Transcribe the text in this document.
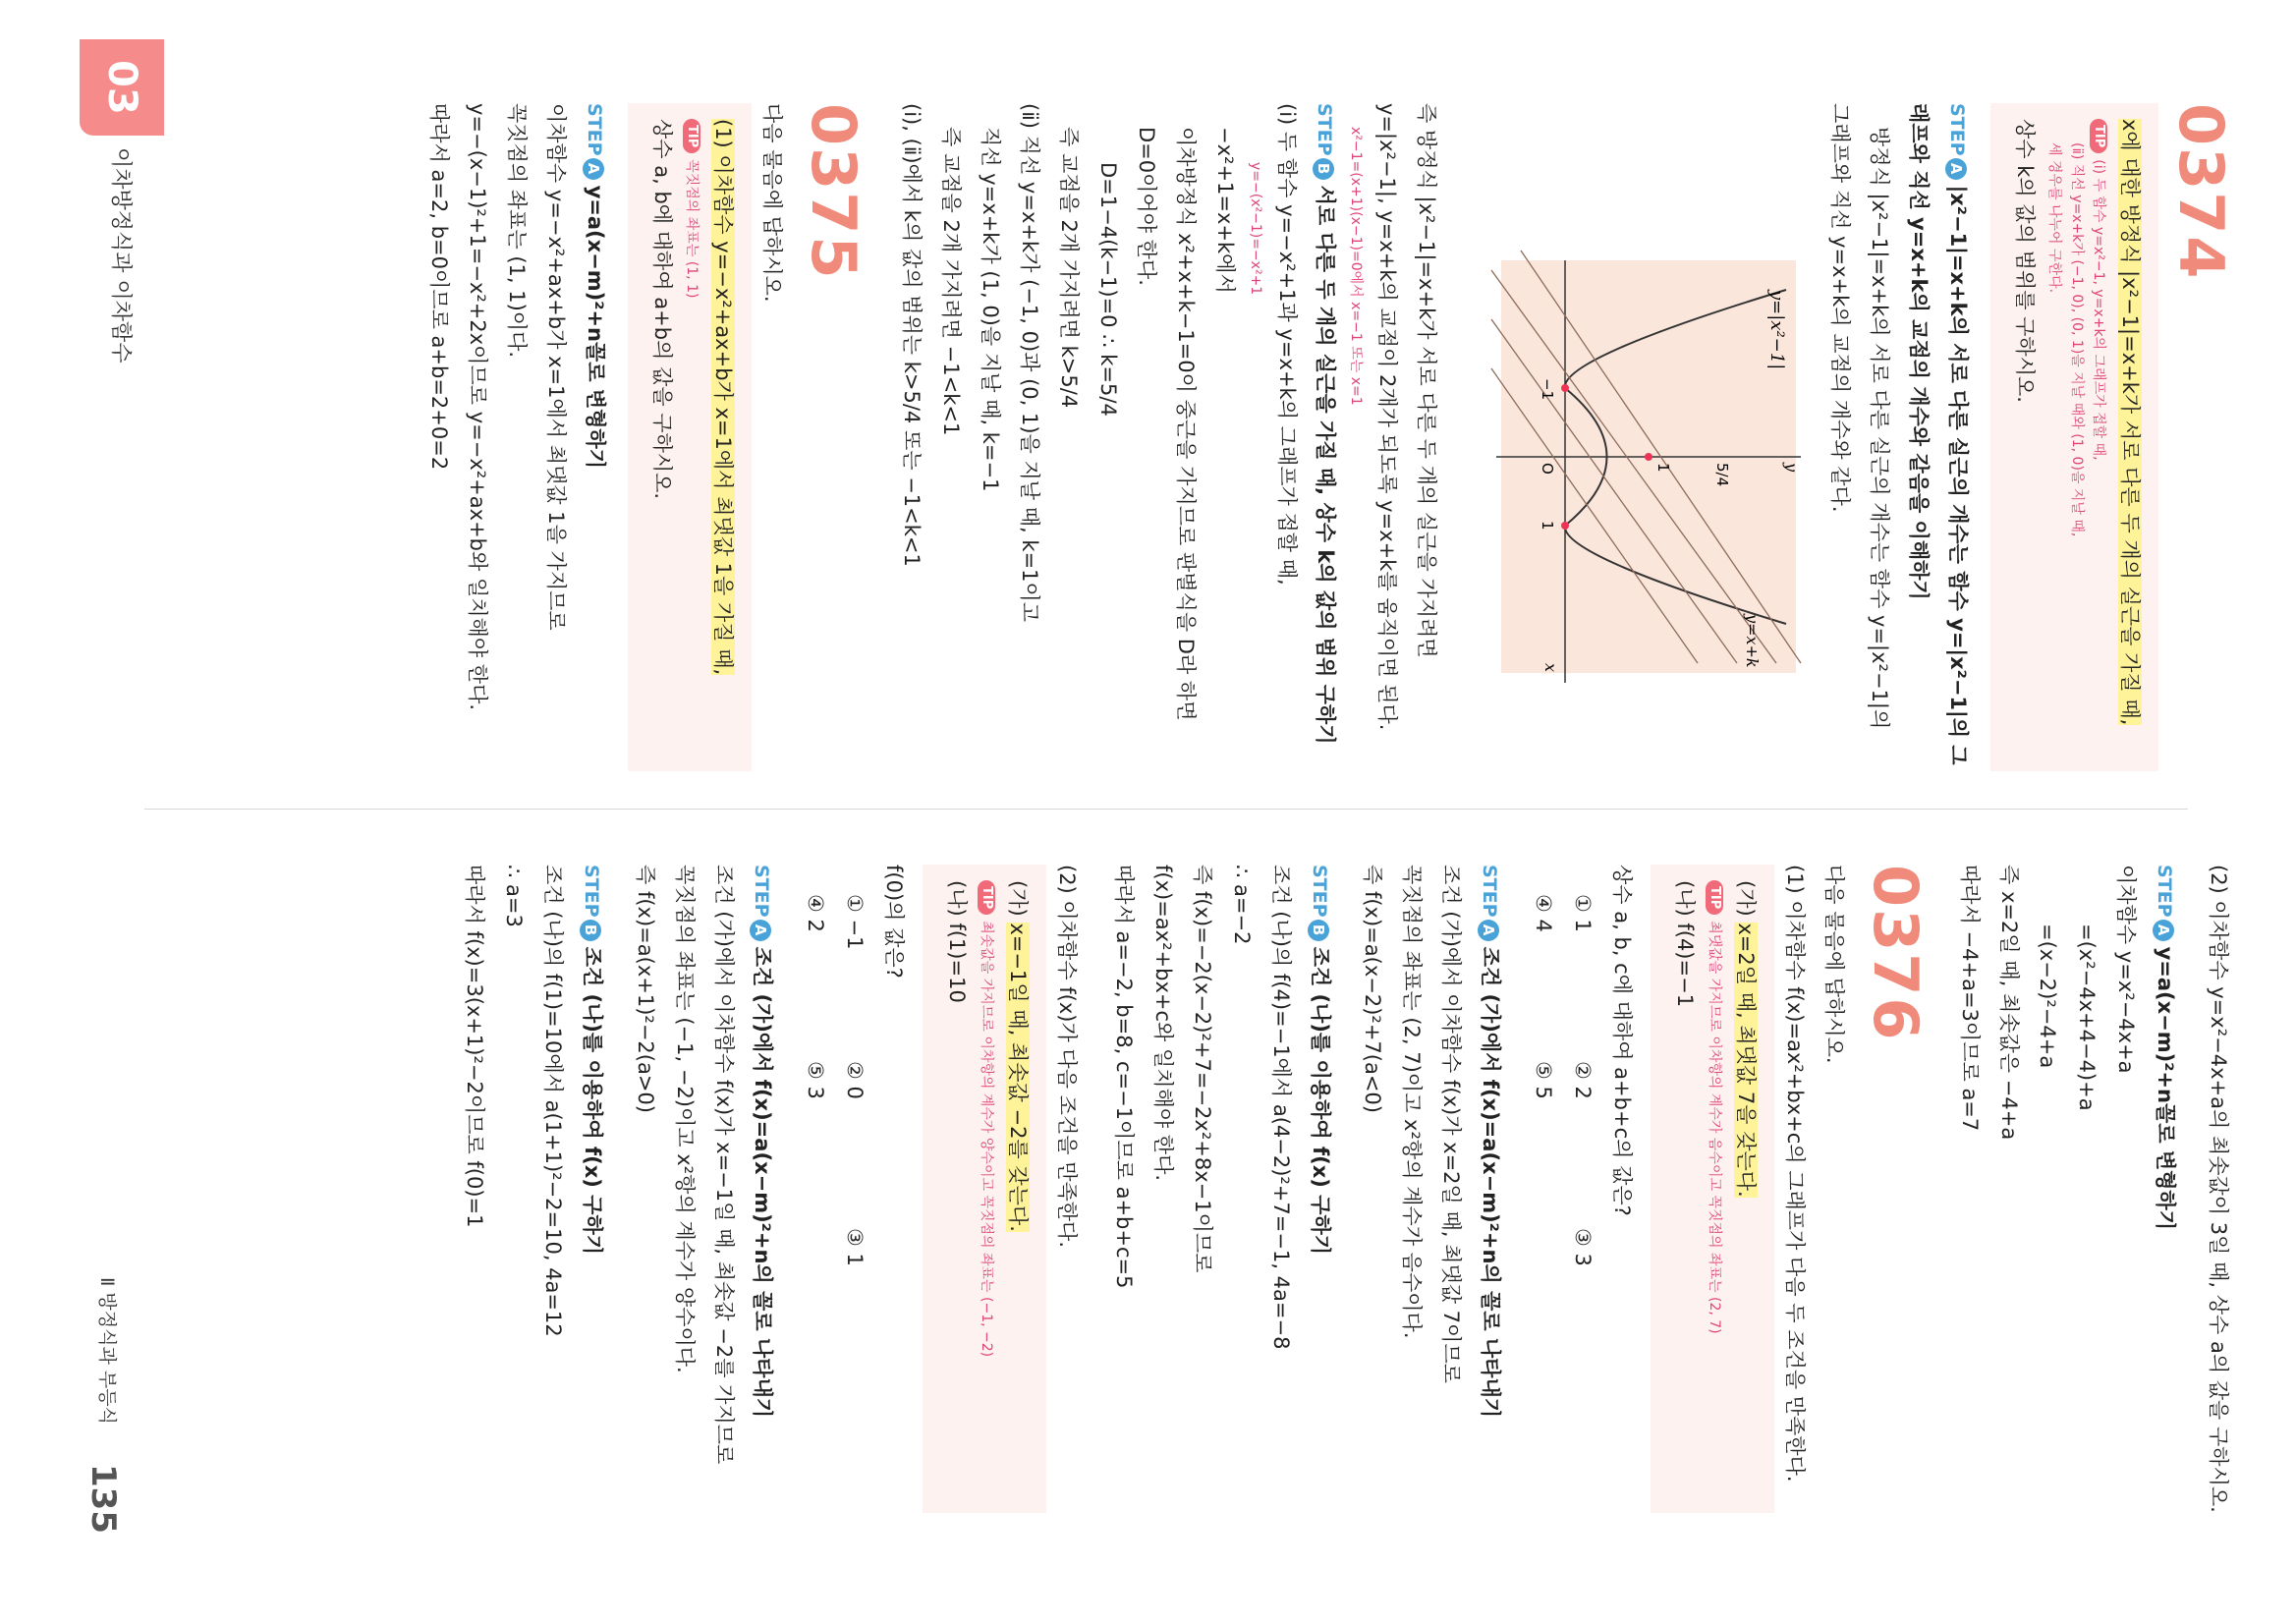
0374
x에 대한 방정식 |x²−1|=x+k가 서로 다른 두 개의 실근을 가질 때,
TIP(ⅰ) 두 함수 y=x²−1, y=x+k의 그래프가 접할 때,
(ⅱ) 직선 y=x+k가 (−1, 0), (0, 1)을 지날 때와 (1, 0)을 지날 때,
세 경우를 나누어 구한다.
상수 k의 값의 범위를 구하시오.
STEPA|x²−1|=x+k의 서로 다른 실근의 개수는 함수 y=|x²−1|의 그래프와 직선 y=x+k의 교점의 개수와 같음을 이해하기
방정식 |x²−1|=x+k의 서로 다른 실근의 개수는 함수 y=|x²−1|의
그래프와 직선 y=x+k의 교점의 개수와 같다.
y=|x²−1|
y=x+k
x
y
−1
1
O	1	5/4
즉 방정식 |x²−1|=x+k가 서로 다른 두 개의 실근을 가지려면
y=|x²−1|, y=x+k의 교점이 2개가 되도록 y=x+k를 움직이면 된다.
x²−1=(x+1)(x−1)=0에서 x=−1 또는 x=1
STEPB서로 다른 두 개의 실근을 가질 때, 상수 k의 값의 범위 구하기
(ⅰ) 두 함수 y=−x²+1과 y=x+k의 그래프가 접할 때,
y=−(x²−1)=−x²+1
−x²+1=x+k에서
이차방정식 x²+x+k−1=0이 중근을 가지므로 판별식을 D라 하면
D=0이어야 한다.
D=1−4(k−1)=0 ∴ k=5/4
즉 교점을 2개 가지려면 k>5/4
(ⅱ) 직선 y=x+k가 (−1, 0)과 (0, 1)을 지날 때, k=1이고
직선 y=x+k가 (1, 0)을 지날 때, k=−1
즉 교점을 2개 가지려면 −1<k<1
(ⅰ), (ⅱ)에서 k의 값의 범위는 k>5/4 또는 −1<k<1
0375
다음 물음에 답하시오.
(1) 이차함수 y=−x²+ax+b가 x=1에서 최댓값 1을 가질 때,
TIP꼭짓점의 좌표는 (1, 1)
상수 a, b에 대하여 a+b의 값을 구하시오.
STEPAy=a(x−m)²+n꼴로 변형하기
이차함수 y=−x²+ax+b가 x=1에서 최댓값 1을 가지므로
꼭짓점의 좌표는 (1, 1)이다.
y=−(x−1)²+1=−x²+2x이므로 y=−x²+ax+b와 일치해야 한다.
따라서 a=2, b=0이므로 a+b=2+0=2
(2) 이차함수 y=x²−4x+a의 최솟값이 3일 때, 상수 a의 값을 구하시오.
STEPAy=a(x−m)²+n꼴로 변형하기
이차함수 y=x²−4x+a
=(x²−4x+4−4)+a
=(x−2)²−4+a
즉 x=2일 때, 최솟값은 −4+a
따라서 −4+a=3이므로 a=7
0376
다음 물음에 답하시오.
(1) 이차함수 f(x)=ax²+bx+c의 그래프가 다음 두 조건을 만족한다.
(가) x=2일 때, 최댓값 7을 갖는다.
TIP최댓값을 가지므로 이차항의 계수가 음수이고 꼭짓점의 좌표는 (2, 7)
(나) f(4)=−1
상수 a, b, c에 대하여 a+b+c의 값은?
① 1
② 2
③ 3
④ 4
⑤ 5
STEPA조건 (가)에서 f(x)=a(x−m)²+n의 꼴로 나타내기
조건 (가)에서 이차함수 f(x)가 x=2일 때, 최댓값 7이므로
꼭짓점의 좌표는 (2, 7)이고 x²항의 계수가 음수이다.
즉 f(x)=a(x−2)²+7(a<0)
STEPB조건 (나)를 이용하여 f(x) 구하기
조건 (나)의 f(4)=−1에서 a(4−2)²+7=−1, 4a=−8
∴ a=−2
즉 f(x)=−2(x−2)²+7=−2x²+8x−1이므로
f(x)=ax²+bx+c와 일치해야 한다.
따라서 a=−2, b=8, c=−1이므로 a+b+c=5
(2) 이차함수 f(x)가 다음 조건을 만족한다.
(가) x=−1일 때, 최솟값 −2를 갖는다.
TIP최솟값을 가지므로 이차항의 계수가 양수이고 꼭짓점의 좌표는 (−1, −2)
(나) f(1)=10
f(0)의 값은?
① −1
② 0
③ 1
④ 2
⑤ 3
STEPA조건 (가)에서 f(x)=a(x−m)²+n의 꼴로 나타내기
조건 (가)에서 이차함수 f(x)가 x=−1일 때, 최솟값 −2를 가지므로
꼭짓점의 좌표는 (−1, −2)이고 x²항의 계수가 양수이다.
즉 f(x)=a(x+1)²−2(a>0)
STEPB조건 (나)를 이용하여 f(x) 구하기
조건 (나)의 f(1)=10에서 a(1+1)²−2=10, 4a=12
∴ a=3
따라서 f(x)=3(x+1)²−2이므로 f(0)=1
03
이차방정식과 이차함수
Ⅱ 방정식과 부등식
135
